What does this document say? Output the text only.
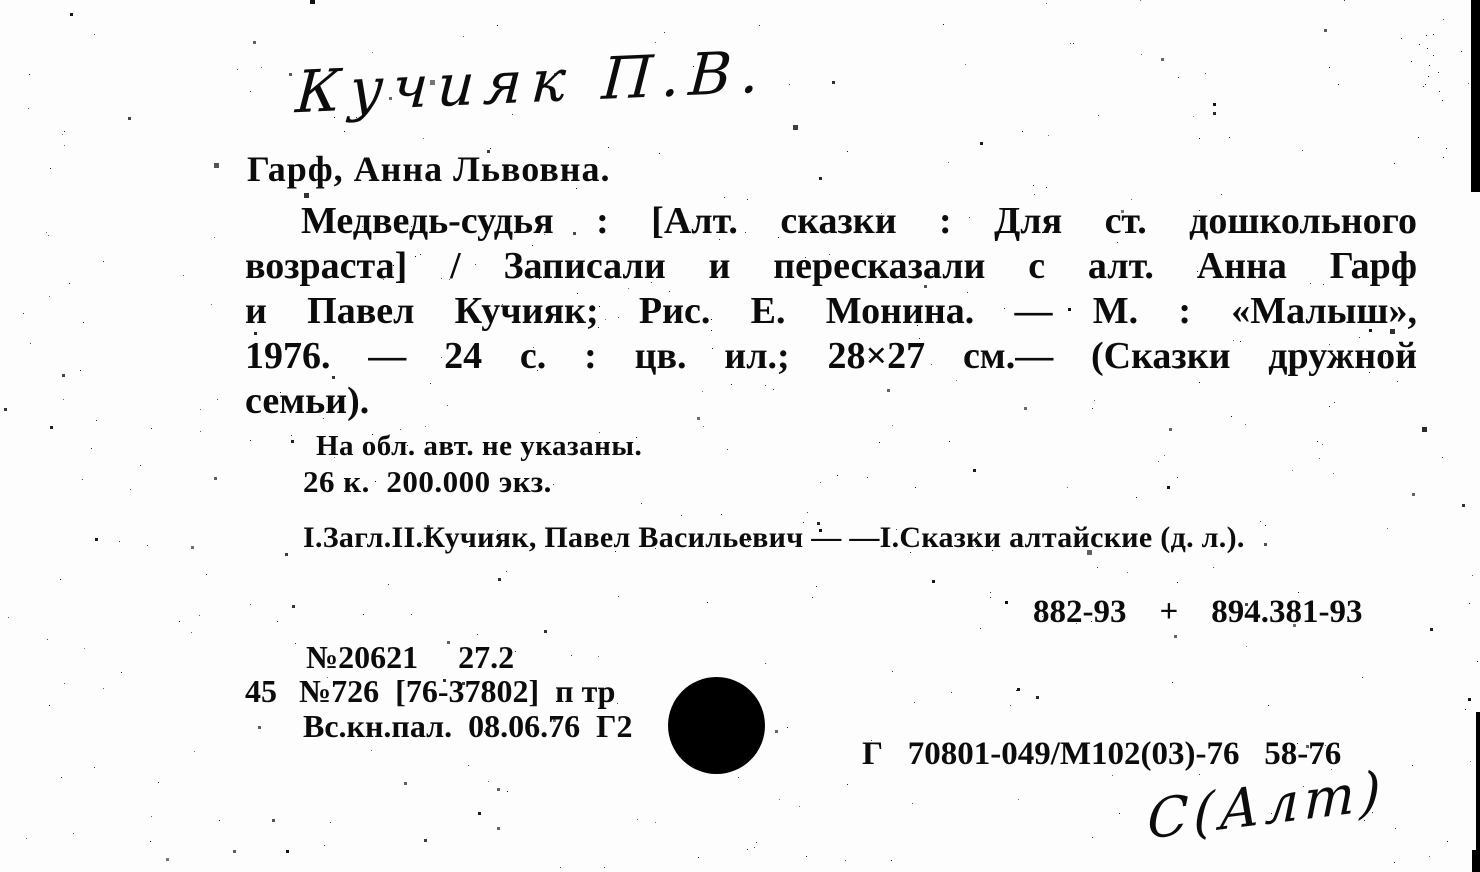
Кучияк П.В.
Гарф, Анна Львовна.
Медведь-судья : [Алт. сказки : Для ст. дошкольного
возраста] / Записали и пересказали с алт. Анна Гарф
и Павел Кучияк; Рис. Е. Монина. — М. : «Малыш»,
1976. — 24 с. : цв. ил.; 28×27 см.— (Сказки дружной
семьи).
На обл. авт. не указаны.
26 к.  200.000 экз.
I.Загл.II.Кучияк, Павел Васильевич — —I.Сказки алтайские (д. л.).
882-93    +    894.381-93
№20621     27.2
45 №726  [76-37802]  п тр
Вс.кн.пал.  08.06.76  Г2
Г   70801-049/М102(03)-76   58-76
С(Алт)
